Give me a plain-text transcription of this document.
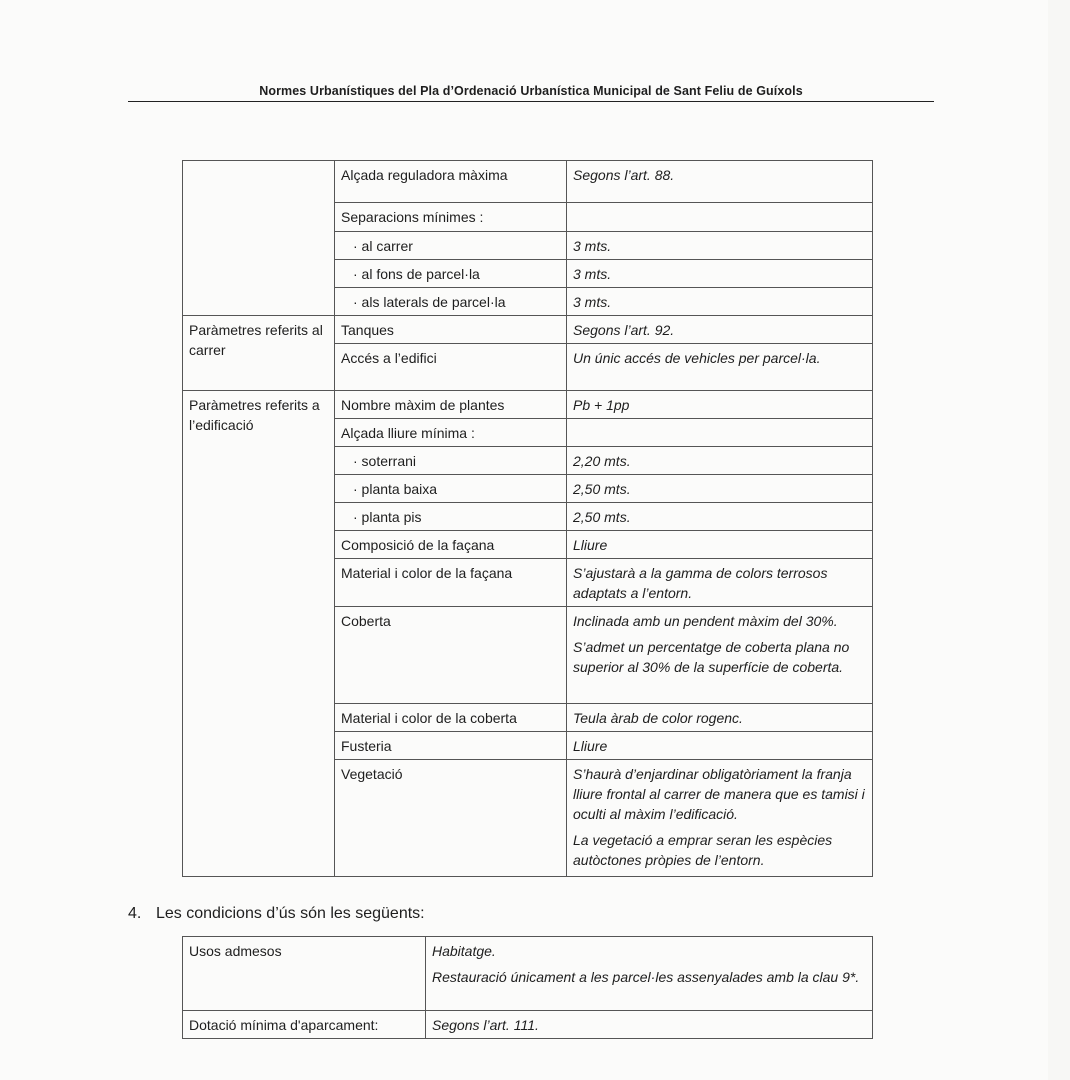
Normes Urbanístiques del Pla d’Ordenació Urbanística Municipal de Sant Feliu de Guíxols
	Alçada reguladora màxima	Segons l’art. 88.
	Separacions mínimes :	
	· al carrer	3 mts.
	· al fons de parcel·la	3 mts.
	· als laterals de parcel·la	3 mts.
Paràmetres referits al carrer	Tanques	Segons l’art. 92.
	Accés a l’edifici	Un únic accés de vehicles per parcel·la.
Paràmetres referits a l’edificació	Nombre màxim de plantes	Pb + 1pp
	Alçada lliure mínima :	
	· soterrani	2,20 mts.
	· planta baixa	2,50 mts.
	· planta pis	2,50 mts.
	Composició de la façana	Lliure
	Material i color de la façana	S’ajustarà a la gamma de colors terrosos adaptats a l’entorn.
	Coberta	Inclinada amb un pendent màxim del 30%.
S’admet un percentatge de coberta plana no superior al 30% de la superfície de coberta.

	Material i color de la coberta	Teula àrab de color rogenc.
	Fusteria	Lliure
	Vegetació	S’haurà d’enjardinar obligatòriament la franja lliure frontal al carrer de manera que es tamisi i oculti al màxim l’edificació.
La vegetació a emprar seran les espècies autòctones pròpies de l’entorn.
4. Les condicions d’ús són les següents:
Usos admesos	Habitatge.
Restauració únicament a les parcel·les assenyalades amb la clau 9*.

Dotació mínima d'aparcament:	Segons l’art. 111.
